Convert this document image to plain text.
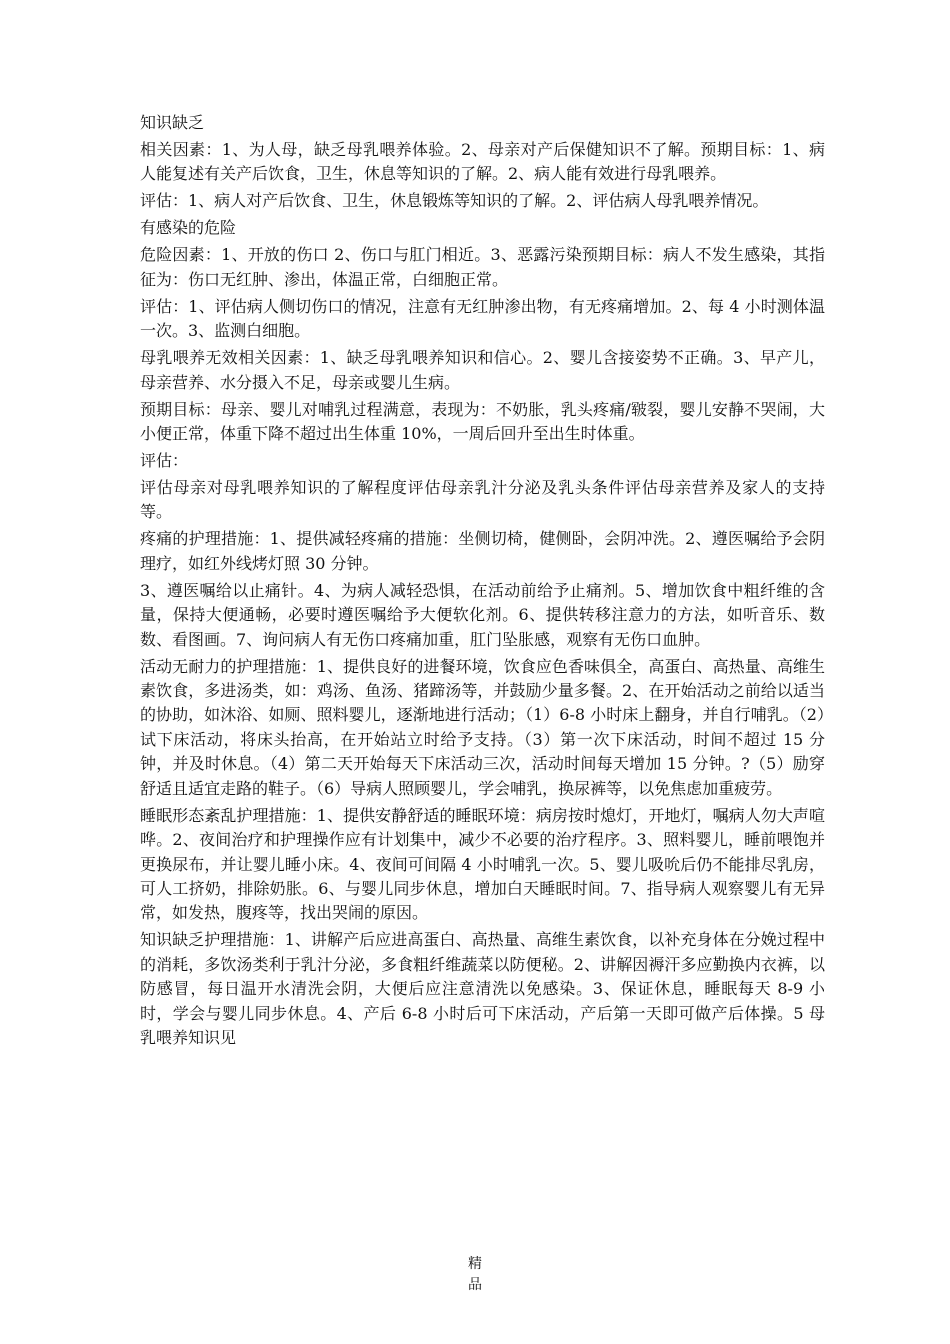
知识缺乏

相关因素：1、为人母，缺乏母乳喂养体验。2、母亲对产后保健知识不了解。预期目标：1、病人能复述有关产后饮食，卫生，休息等知识的了解。2、病人能有效进行母乳喂养。

评估：1、病人对产后饮食、卫生，休息锻炼等知识的了解。2、评估病人母乳喂养情况。

有感染的危险

危险因素：1、开放的伤口 2、伤口与肛门相近。3、恶露污染预期目标：病人不发生感染，其指征为：伤口无红肿、渗出，体温正常，白细胞正常。

评估：1、评估病人侧切伤口的情况，注意有无红肿渗出物，有无疼痛增加。2、每 4 小时测体温一次。3、监测白细胞。

母乳喂养无效相关因素：1、缺乏母乳喂养知识和信心。2、婴儿含接姿势不正确。3、早产儿，母亲营养、水分摄入不足，母亲或婴儿生病。

预期目标：母亲、婴儿对哺乳过程满意，表现为：不奶胀，乳头疼痛/皲裂，婴儿安静不哭闹，大小便正常，体重下降不超过出生体重 10%，一周后回升至出生时体重。

评估：

评估母亲对母乳喂养知识的了解程度评估母亲乳汁分泌及乳头条件评估母亲营养及家人的支持等。

疼痛的护理措施：1、提供减轻疼痛的措施：坐侧切椅，健侧卧，会阴冲洗。2、遵医嘱给予会阴理疗，如红外线烤灯照 30 分钟。

3、遵医嘱给以止痛针。4、为病人减轻恐惧，在活动前给予止痛剂。5、增加饮食中粗纤维的含量，保持大便通畅，必要时遵医嘱给予大便软化剂。6、提供转移注意力的方法，如听音乐、数数、看图画。7、询问病人有无伤口疼痛加重，肛门坠胀感，观察有无伤口血肿。

活动无耐力的护理措施：1、提供良好的进餐环境，饮食应色香味俱全，高蛋白、高热量、高维生素饮食，多进汤类，如：鸡汤、鱼汤、猪蹄汤等，并鼓励少量多餐。2、在开始活动之前给以适当的协助，如沐浴、如厕、照料婴儿，逐渐地进行活动；（1）6-8 小时床上翻身，并自行哺乳。（2）试下床活动，将床头抬高，在开始站立时给予支持。（3）第一次下床活动，时间不超过 15 分钟，并及时休息。（4）第二天开始每天下床活动三次，活动时间每天增加 15 分钟。?（5）励穿舒适且适宜走路的鞋子。（6）导病人照顾婴儿，学会哺乳，换尿裤等，以免焦虑加重疲劳。

睡眠形态紊乱护理措施：1、提供安静舒适的睡眠环境：病房按时熄灯，开地灯，嘱病人勿大声喧哗。2、夜间治疗和护理操作应有计划集中，减少不必要的治疗程序。3、照料婴儿，睡前喂饱并更换尿布，并让婴儿睡小床。4、夜间可间隔 4 小时哺乳一次。5、婴儿吸吮后仍不能排尽乳房，可人工挤奶，排除奶胀。6、与婴儿同步休息，增加白天睡眠时间。7、指导病人观察婴儿有无异常，如发热，腹疼等，找出哭闹的原因。

知识缺乏护理措施：1、讲解产后应进高蛋白、高热量、高维生素饮食，以补充身体在分娩过程中的消耗，多饮汤类利于乳汁分泌，多食粗纤维蔬菜以防便秘。2、讲解因褥汗多应勤换内衣裤，以防感冒，每日温开水清洗会阴，大便后应注意清洗以免感染。3、保证休息，睡眠每天 8-9 小时，学会与婴儿同步休息。4、产后 6-8 小时后可下床活动，产后第一天即可做产后体操。5 母乳喂养知识见

精
品
